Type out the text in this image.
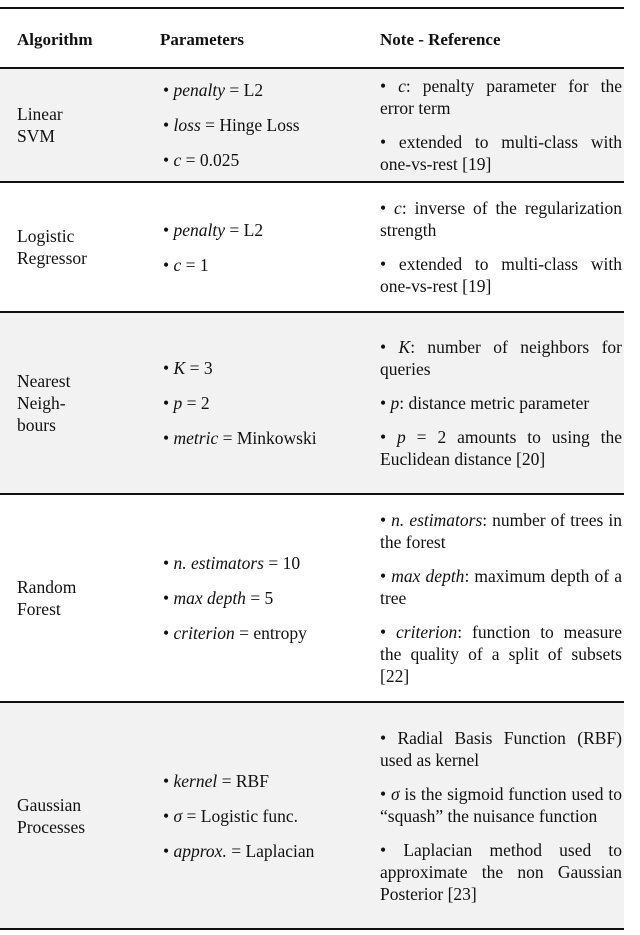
Algorithm	Parameters	Note - Reference
Linear
SVM
• penalty = L2
• loss = Hinge Loss
• c = 0.025
• c: penalty parameter for the error term
• extended to multi-class with one-vs-rest [19]
Logistic
Regressor
• penalty = L2
• c = 1
• c: inverse of the regularization strength
• extended to multi-class with one-vs-rest [19]
Nearest
Neigh-
bours
• K = 3
• p = 2
• metric = Minkowski
• K: number of neighbors for queries
• p: distance metric parameter
• p = 2 amounts to using the Euclidean distance [20]
Random
Forest
• n. estimators = 10
• max depth = 5
• criterion = entropy
• n. estimators: number of trees in the forest
• max depth: maximum depth of a tree
• criterion: function to measure the quality of a split of subsets [22]
Gaussian
Processes
• kernel = RBF
• σ = Logistic func.
• approx. = Laplacian
• Radial Basis Function (RBF) used as kernel
• σ is the sigmoid function used to “squash” the nuisance function
• Laplacian method used to approximate the non Gaussian Posterior [23]
